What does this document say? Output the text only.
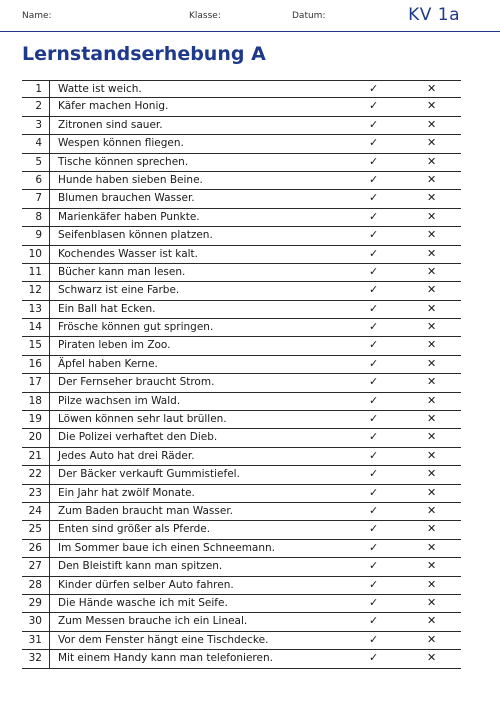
Name:	Klasse:	Datum:	KV 1a
Lernstandserhebung A
1 Watte ist weich.	✓	✕
2 Käfer machen Honig.	✓	✕
3 Zitronen sind sauer.	✓	✕
4 Wespen können fliegen.	✓	✕
5 Tische können sprechen.	✓	✕
6 Hunde haben sieben Beine.	✓	✕
7 Blumen brauchen Wasser.	✓	✕
8 Marienkäfer haben Punkte.	✓	✕
9 Seifenblasen können platzen.	✓	✕
10 Kochendes Wasser ist kalt.	✓	✕
11 Bücher kann man lesen.	✓	✕
12 Schwarz ist eine Farbe.	✓	✕
13 Ein Ball hat Ecken.	✓	✕
14 Frösche können gut springen.	✓	✕
15 Piraten leben im Zoo.	✓	✕
16 Äpfel haben Kerne.	✓	✕
17 Der Fernseher braucht Strom.	✓	✕
18 Pilze wachsen im Wald.	✓	✕
19 Löwen können sehr laut brüllen.	✓	✕
20 Die Polizei verhaftet den Dieb.	✓	✕
21 Jedes Auto hat drei Räder.	✓	✕
22 Der Bäcker verkauft Gummistiefel.	✓	✕
23 Ein Jahr hat zwölf Monate.	✓	✕
24 Zum Baden braucht man Wasser.	✓	✕
25 Enten sind größer als Pferde.	✓	✕
26 Im Sommer baue ich einen Schneemann.	✓	✕
27 Den Bleistift kann man spitzen.	✓	✕
28 Kinder dürfen selber Auto fahren.	✓	✕
29 Die Hände wasche ich mit Seife.	✓	✕
30 Zum Messen brauche ich ein Lineal.	✓	✕
31 Vor dem Fenster hängt eine Tischdecke.	✓	✕
32 Mit einem Handy kann man telefonieren.	✓	✕
